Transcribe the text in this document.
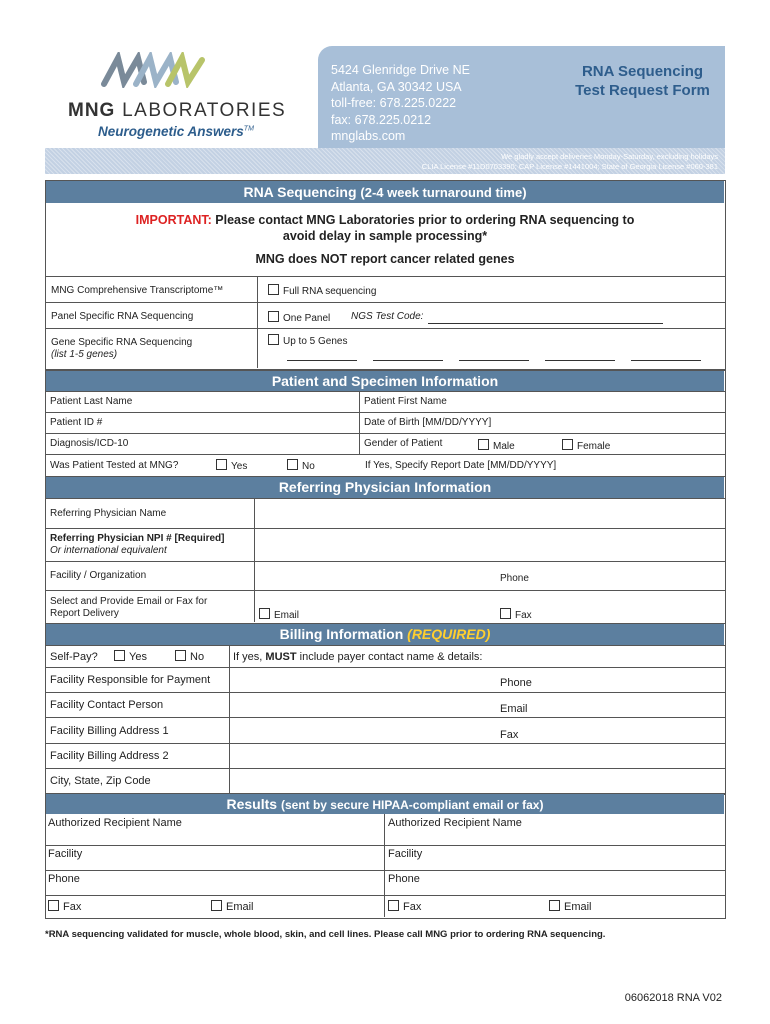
MNG LABORATORIES
Neurogenetic Answers™
5424 Glenridge Drive NE
Atlanta, GA 30342 USA
toll-free: 678.225.0222
fax: 678.225.0212
mnglabs.com
RNA Sequencing
Test Request Form
We gladly accept deliveries Monday-Saturday, excluding holidays
CLIA License #11D0703390; CAP License #1441004; State of Georgia License #060-381
RNA Sequencing (2-4 week turnaround time)
IMPORTANT: Please contact MNG Laboratories prior to ordering RNA sequencing to
avoid delay in sample processing*
MNG does NOT report cancer related genes
MNG Comprehensive Transcriptome™	Full RNA sequencing
Panel Specific RNA Sequencing	One Panel NGS Test Code:
Gene Specific RNA Sequencing
(list 1-5 genes)
Up to 5 Genes
Patient and Specimen Information
Patient Last Name	Patient First Name
Patient ID #	Date of Birth [MM/DD/YYYY]
Diagnosis/ICD-10	Gender of Patient	Male	Female
Was Patient Tested at MNG?	Yes	No	If Yes, Specify Report Date [MM/DD/YYYY]
Referring Physician Information
Referring Physician Name
Referring Physician NPI # [Required]
Or international equivalent
Facility / Organization	Phone
Select and Provide Email or Fax for
Report Delivery	Email	Fax
Billing Information (REQUIRED)
Self-Pay?	Yes	No	If yes, MUST include payer contact name & details:
Facility Responsible for Payment	Phone
Facility Contact Person	Email
Facility Billing Address 1	Fax
Facility Billing Address 2
City, State, Zip Code
Results (sent by secure HIPAA-compliant email or fax)
Authorized Recipient Name	Authorized Recipient Name
Facility	Facility
Phone	Phone
Fax	Email	Fax	Email
*RNA sequencing validated for muscle, whole blood, skin, and cell lines. Please call MNG prior to ordering RNA sequencing.
06062018 RNA V02
